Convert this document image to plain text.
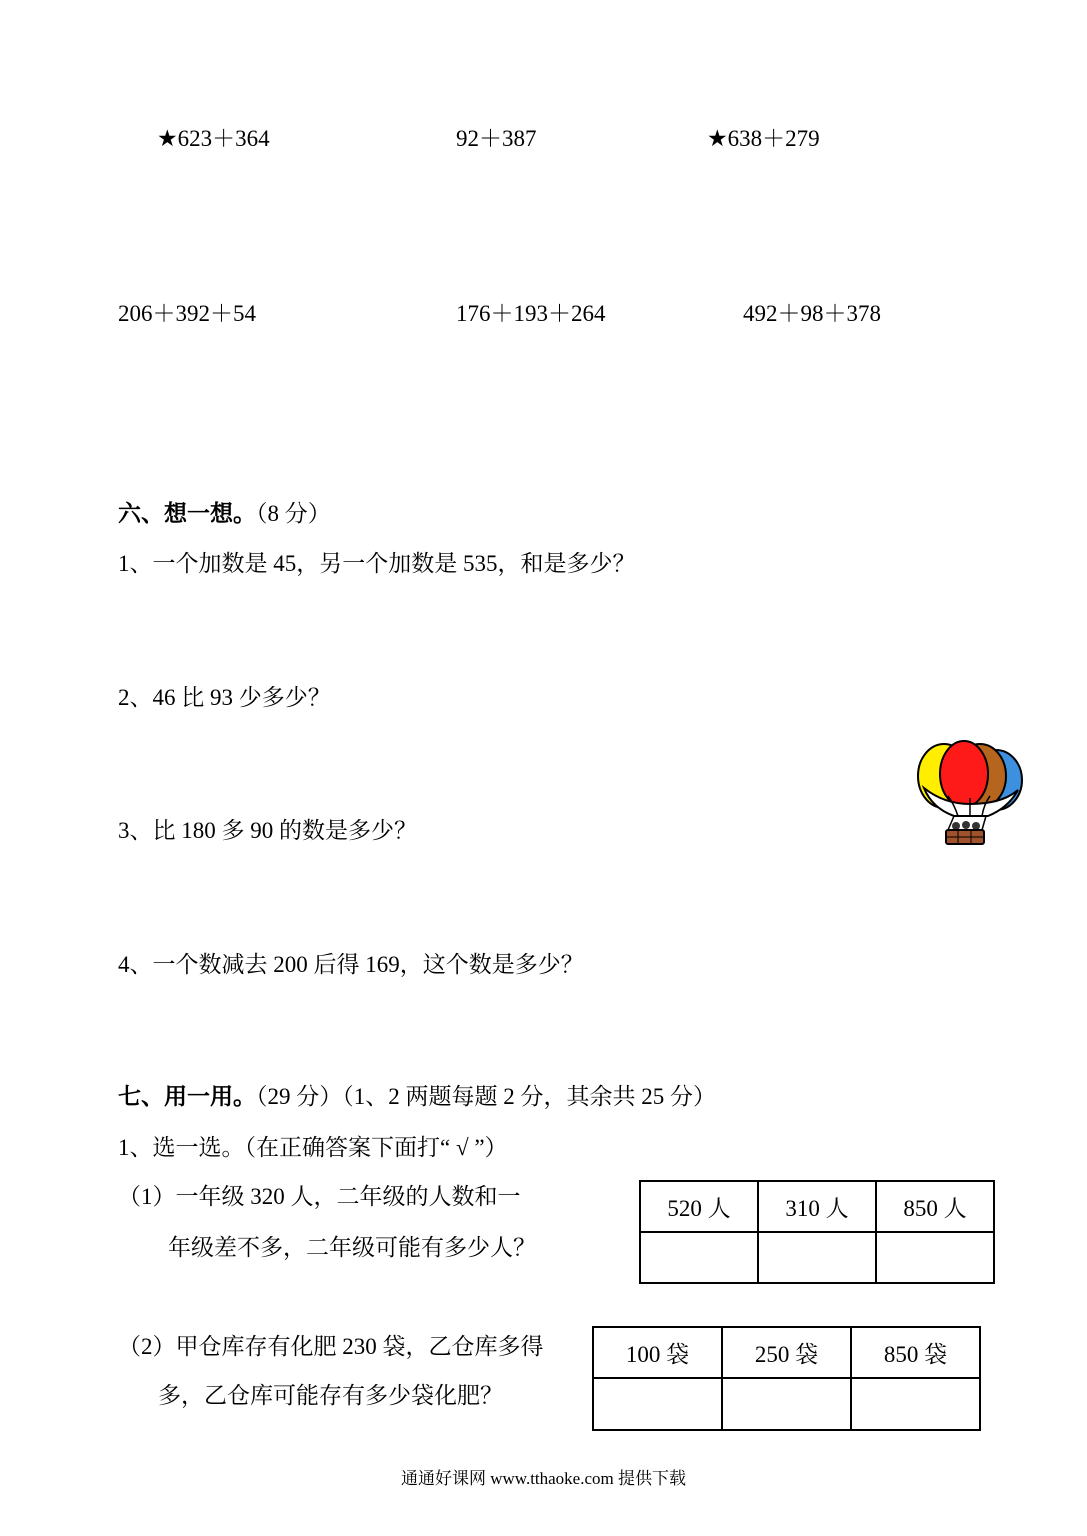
★623＋364	92＋387	★638＋279
206＋392＋54	176＋193＋264	492＋98＋378
六、想一想。（8 分）
1、一个加数是 45，另一个加数是 535，和是多少？
2、46 比 93 少多少？
3、比 180 多 90 的数是多少？
4、一个数减去 200 后得 169，这个数是多少？
七、用一用。（29 分）（1、2 两题每题 2 分，其余共 25 分）
1、选一选。（在正确答案下面打“ √ ”）
（1）一年级 320 人，二年级的人数和一
年级差不多，二年级可能有多少人？
520 人	310 人	850 人

（2）甲仓库存有化肥 230 袋，乙仓库多得
多，乙仓库可能存有多少袋化肥？
100 袋	250 袋	850 袋

通通好课网 www.tthaoke.com 提供下载
